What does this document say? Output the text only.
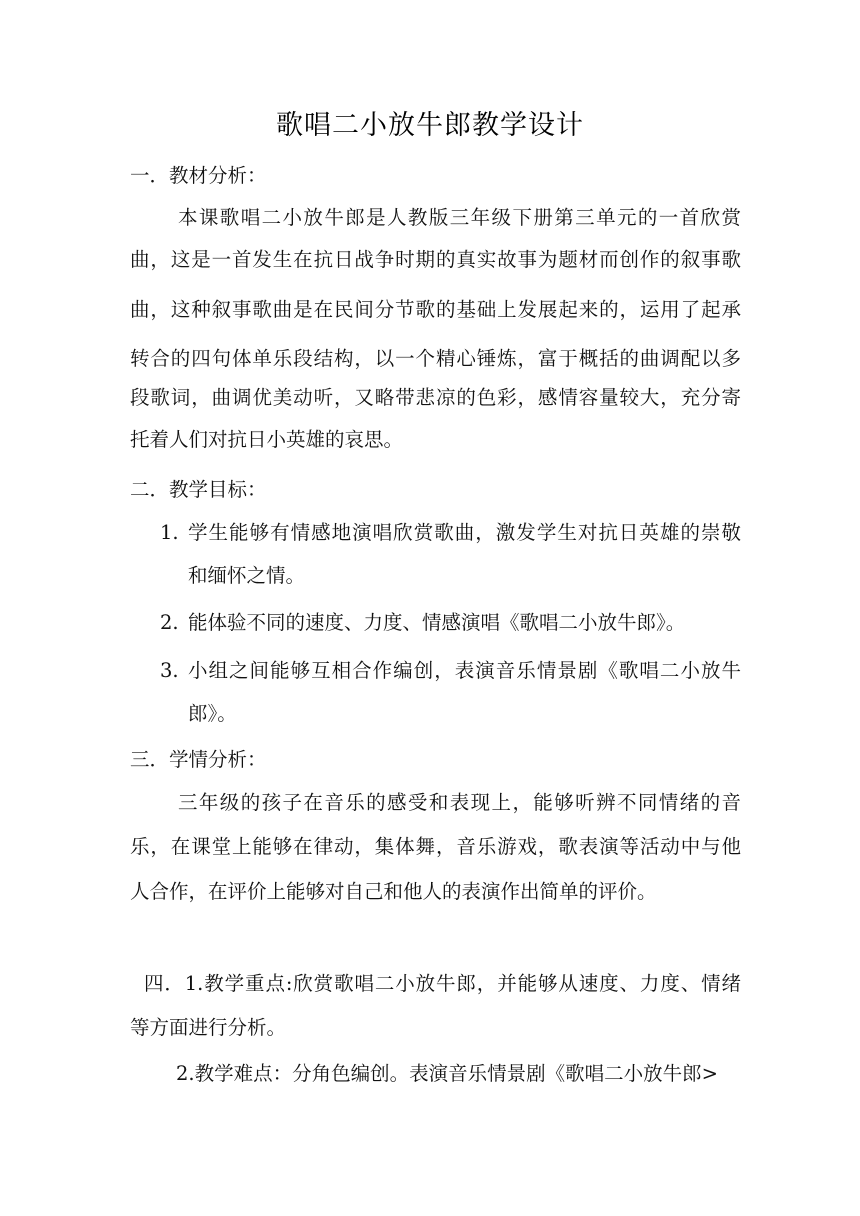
歌唱二小放牛郎教学设计
一．教材分析：
本课歌唱二小放牛郎是人教版三年级下册第三单元的一首欣赏
曲，这是一首发生在抗日战争时期的真实故事为题材而创作的叙事歌
曲，这种叙事歌曲是在民间分节歌的基础上发展起来的，运用了起承
转合的四句体单乐段结构，以一个精心锤炼，富于概括的曲调配以多
段歌词，曲调优美动听，又略带悲凉的色彩，感情容量较大，充分寄
托着人们对抗日小英雄的哀思。
二．教学目标：
1. 学生能够有情感地演唱欣赏歌曲，激发学生对抗日英雄的崇敬
和缅怀之情。
2. 能体验不同的速度、力度、情感演唱《歌唱二小放牛郎》。
3. 小组之间能够互相合作编创，表演音乐情景剧《歌唱二小放牛
郎》。
三．学情分析：
三年级的孩子在音乐的感受和表现上，能够听辨不同情绪的音
乐，在课堂上能够在律动，集体舞，音乐游戏，歌表演等活动中与他
人合作，在评价上能够对自己和他人的表演作出简单的评价。
四．1.教学重点:欣赏歌唱二小放牛郎，并能够从速度、力度、情绪
等方面进行分析。
2.教学难点：分角色编创。表演音乐情景剧《歌唱二小放牛郎>
